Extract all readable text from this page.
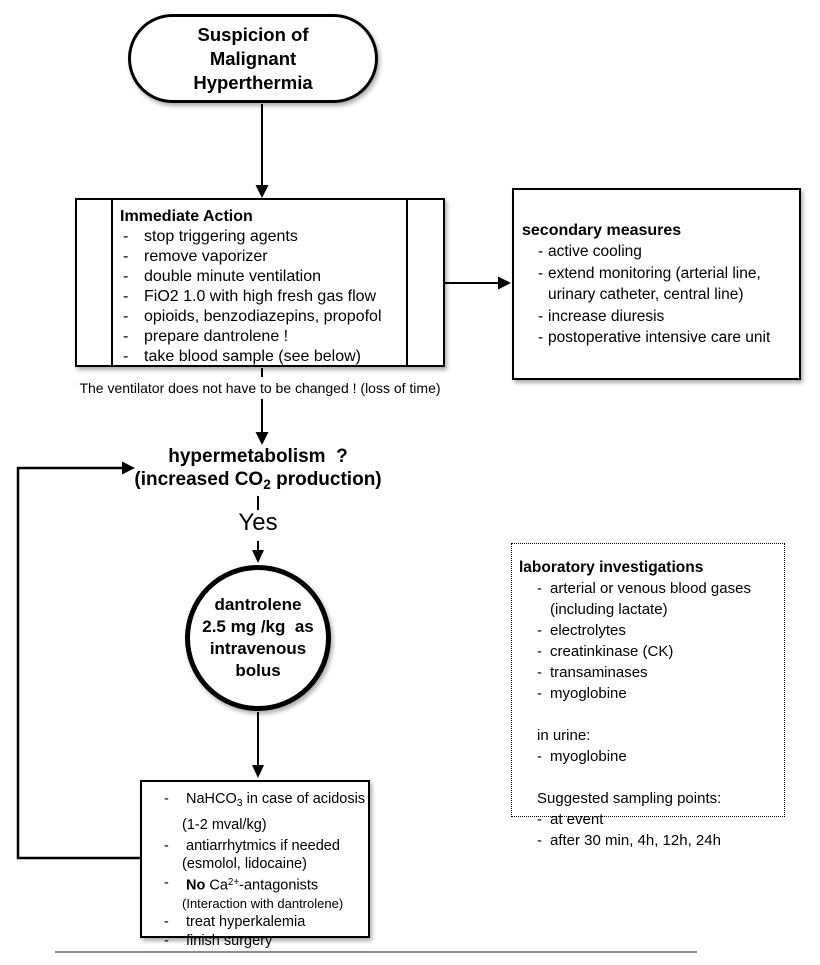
Suspicion of
Malignant
Hyperthermia
Immediate Action
- stop triggering agents
- remove vaporizer
- double minute ventilation
- FiO2 1.0 with high fresh gas flow
- opioids, benzodiazepins, propofol
- prepare dantrolene !
- take blood sample (see below)
The ventilator does not have to be changed ! (loss of time)
secondary measures
- active cooling
- extend monitoring (arterial line,
urinary catheter, central line)
- increase diuresis
- postoperative intensive care unit
hypermetabolism  ?
(increased $CO_2$ production)
Yes
dantrolene
2.5 mg /kg  as
intravenous
bolus
-	NaHCO$_3$ in case of acidosis
(1-2 mval/kg)
-	antiarrhytmics if needed
(esmolol, lidocaine)
-	No $Ca^{2+}$-antagonists
(Interaction with dantrolene)
-	treat hyperkalemia
-	finish surgery
laboratory investigations
- arterial or venous blood gases
(including lactate)
- electrolytes
- creatinkinase (CK)
- transaminases
- myoglobine
in urine:
- myoglobine
Suggested sampling points:
- at event
- after 30 min, 4h, 12h, 24h
